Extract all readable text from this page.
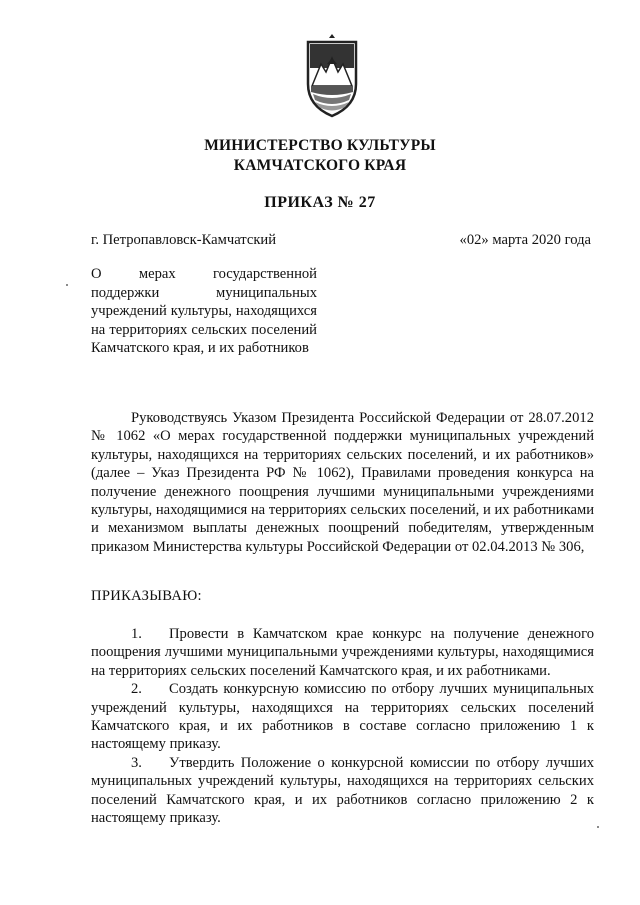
МИНИСТЕРСТВО КУЛЬТУРЫ
КАМЧАТСКОГО КРАЯ
ПРИКАЗ № 27
г. Петропавловск-Камчатский	«02» марта 2020 года
О мерах государственной поддержки муниципальных учреждений культуры, находящихся на территориях сельских поселений Камчатского края, и их работников
Руководствуясь Указом Президента Российской Федерации от 28.07.2012 № 1062 «О мерах государственной поддержки муниципальных учреждений культуры, находящихся на территориях сельских поселений, и их работников» (далее – Указ Президента РФ № 1062), Правилами проведения конкурса на получение денежного поощрения лучшими муниципальными учреждениями культуры, находящимися на территориях сельских поселений, и их работниками и механизмом выплаты денежных поощрений победителям, утвержденным приказом Министерства культуры Российской Федерации от 02.04.2013 № 306,
ПРИКАЗЫВАЮ:
1. Провести в Камчатском крае конкурс на получение денежного поощрения лучшими муниципальными учреждениями культуры, находящимися на территориях сельских поселений Камчатского края, и их работниками.
2. Создать конкурсную комиссию по отбору лучших муниципальных учреждений культуры, находящихся на территориях сельских поселений Камчатского края, и их работников в составе согласно приложению 1 к настоящему приказу.
3. Утвердить Положение о конкурсной комиссии по отбору лучших муниципальных учреждений культуры, находящихся на территориях сельских поселений Камчатского края, и их работников согласно приложению 2 к настоящему приказу.
